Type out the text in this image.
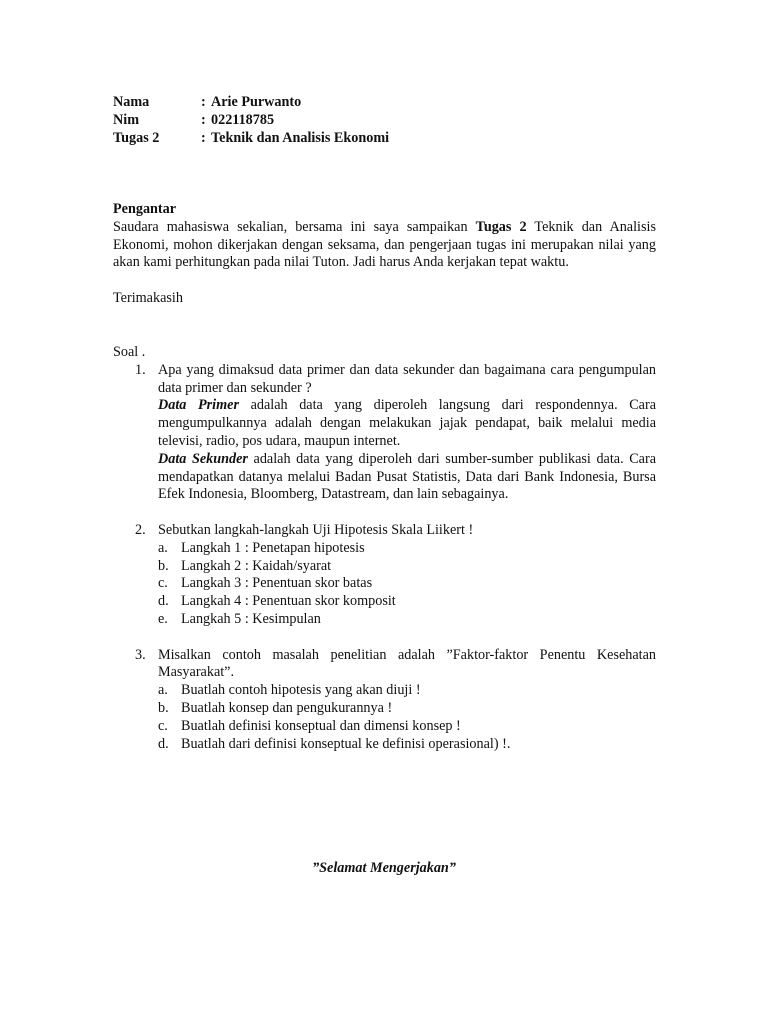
Nama	: Arie Purwanto
Nim	: 022118785
Tugas 2	: Teknik dan Analisis Ekonomi
Pengantar
Saudara mahasiswa sekalian, bersama ini saya sampaikan Tugas 2 Teknik dan Analisis Ekonomi, mohon dikerjakan dengan seksama, dan pengerjaan tugas ini merupakan nilai yang akan kami perhitungkan pada nilai Tuton. Jadi harus Anda kerjakan tepat waktu.
Terimakasih
Soal .
1. Apa yang dimaksud data primer dan data sekunder dan bagaimana cara pengumpulan data primer dan sekunder ?
Data Primer adalah data yang diperoleh langsung dari respondennya. Cara mengumpulkannya adalah dengan melakukan jajak pendapat, baik melalui media televisi, radio, pos udara, maupun internet.
Data Sekunder adalah data yang diperoleh dari sumber-sumber publikasi data. Cara mendapatkan datanya melalui Badan Pusat Statistis, Data dari Bank Indonesia, Bursa Efek Indonesia, Bloomberg, Datastream, dan lain sebagainya.
2. Sebutkan langkah-langkah Uji Hipotesis Skala Liikert !
a. Langkah 1 : Penetapan hipotesis
b. Langkah 2 : Kaidah/syarat
c. Langkah 3 : Penentuan skor batas
d. Langkah 4 : Penentuan skor komposit
e. Langkah 5 : Kesimpulan
3. Misalkan contoh masalah penelitian adalah ”Faktor-faktor Penentu Kesehatan Masyarakat”.
a. Buatlah contoh hipotesis yang akan diuji !
b. Buatlah konsep dan pengukurannya !
c. Buatlah definisi konseptual dan dimensi konsep !
d. Buatlah dari definisi konseptual ke definisi operasional) !.
”Selamat Mengerjakan”
